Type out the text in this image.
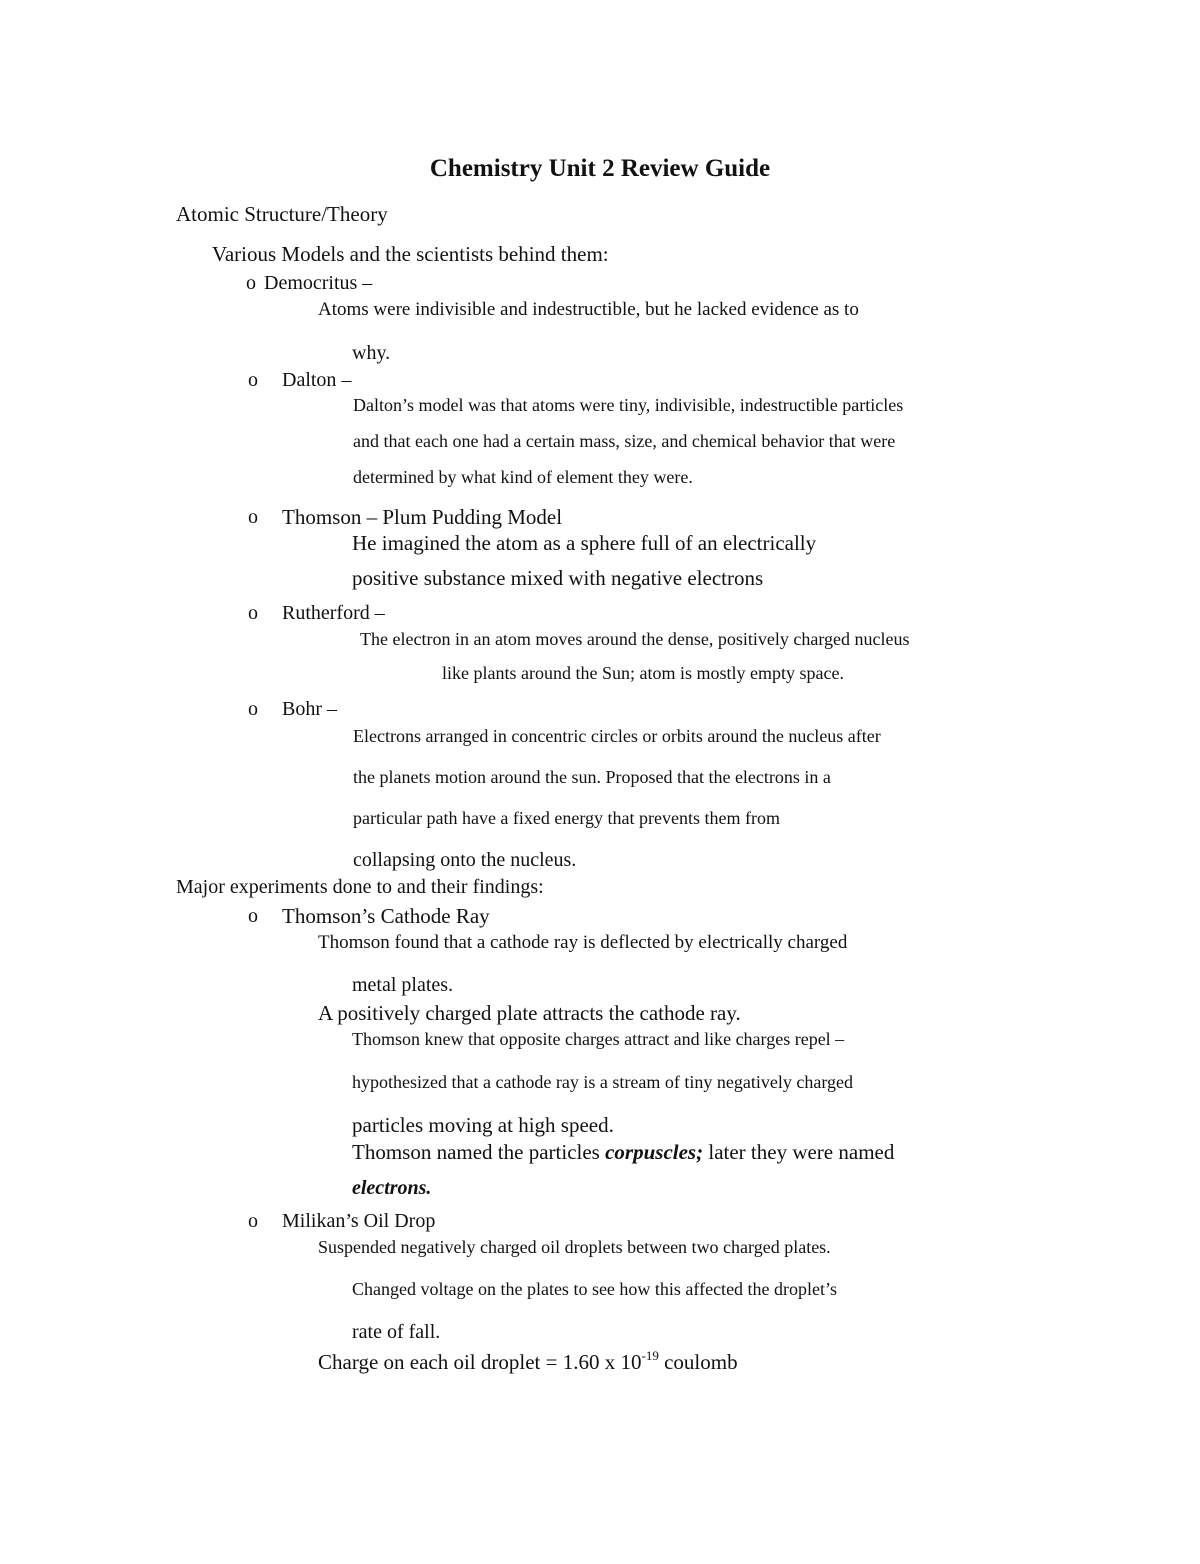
Chemistry Unit 2 Review Guide
Atomic Structure/Theory
Various Models and the scientists behind them:
o Democritus –
Atoms were indivisible and indestructible, but he lacked evidence as to
why.
o Dalton –
Dalton’s model was that atoms were tiny, indivisible, indestructible particles
and that each one had a certain mass, size, and chemical behavior that were
determined by what kind of element they were.
o Thomson – Plum Pudding Model
He imagined the atom as a sphere full of an electrically
positive substance mixed with negative electrons
o Rutherford –
The electron in an atom moves around the dense, positively charged nucleus
like plants around the Sun; atom is mostly empty space.
o Bohr –
Electrons arranged in concentric circles or orbits around the nucleus after
the planets motion around the sun. Proposed that the electrons in a
particular path have a fixed energy that prevents them from
collapsing onto the nucleus.
Major experiments done to and their findings:
o Thomson’s Cathode Ray
Thomson found that a cathode ray is deflected by electrically charged
metal plates.
A positively charged plate attracts the cathode ray.
Thomson knew that opposite charges attract and like charges repel –
hypothesized that a cathode ray is a stream of tiny negatively charged
particles moving at high speed.
Thomson named the particles corpuscles; later they were named
electrons.
o Milikan’s Oil Drop
Suspended negatively charged oil droplets between two charged plates.
Changed voltage on the plates to see how this affected the droplet’s
rate of fall.
Charge on each oil droplet = 1.60 x $10^{-19}$ coulomb
